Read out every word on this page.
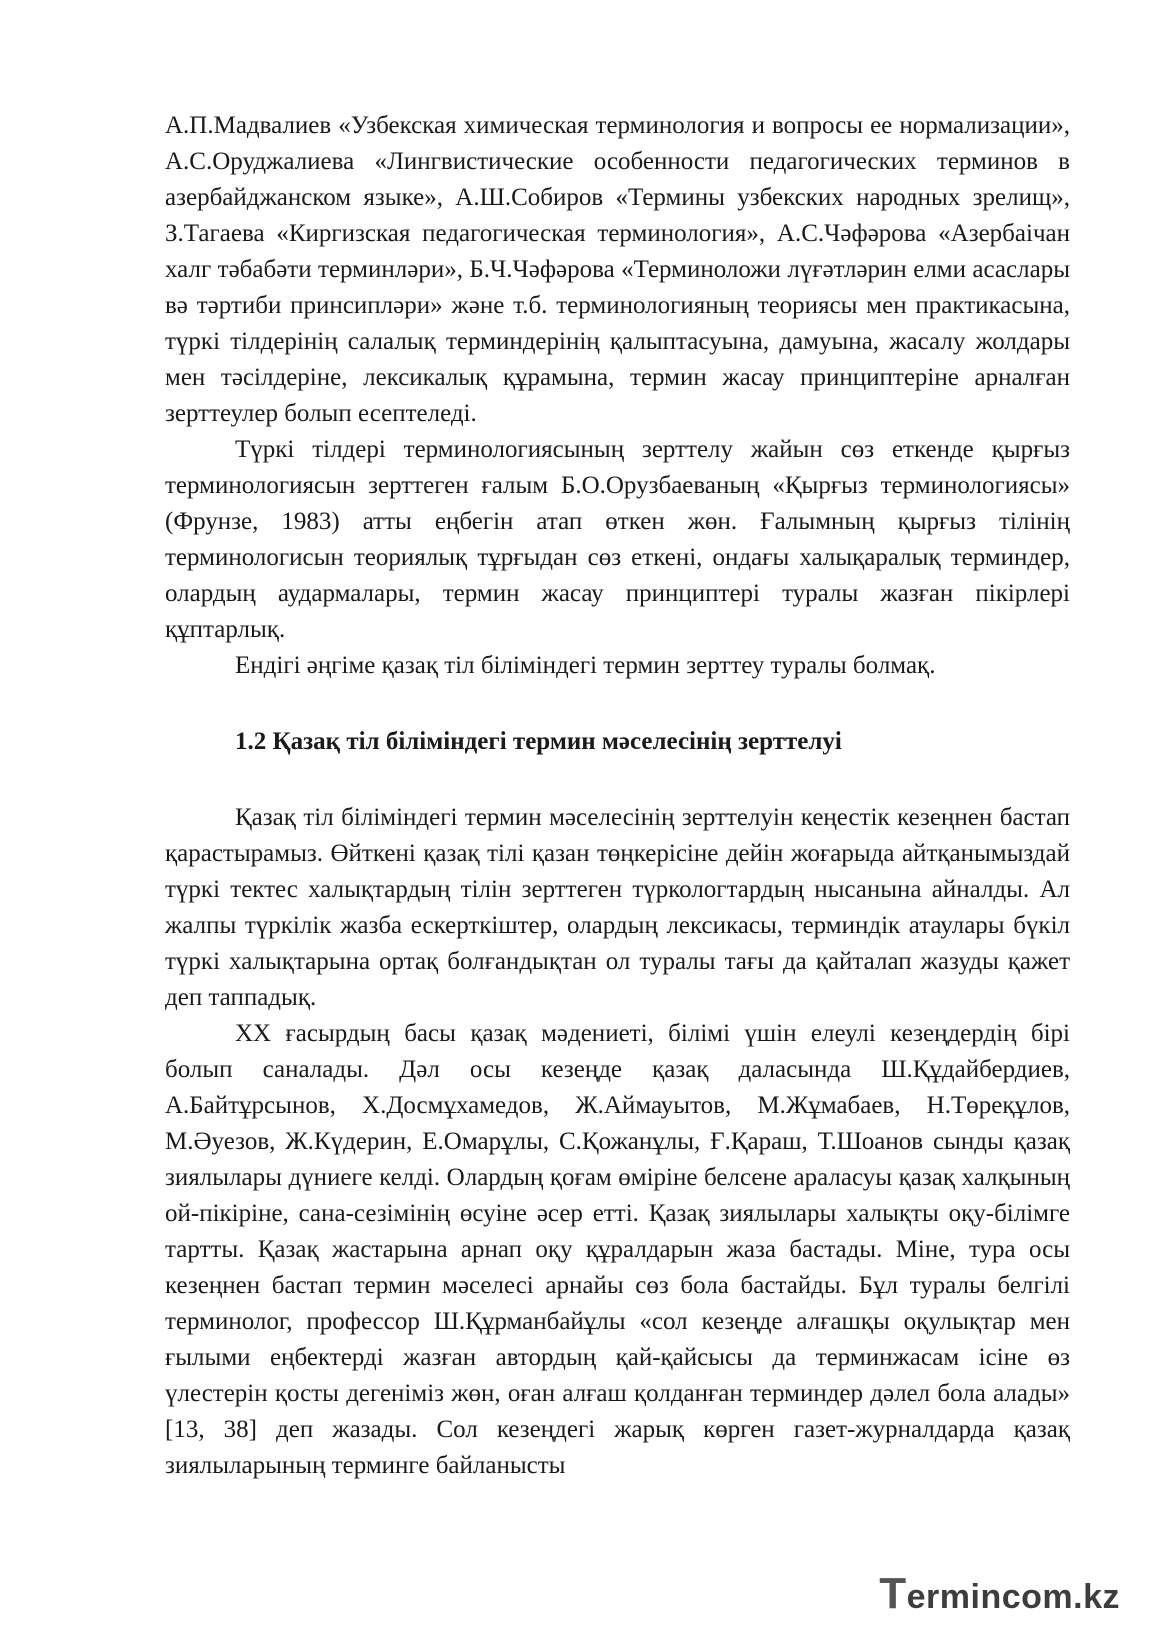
А.П.Мадвалиев «Узбекская химическая терминология и вопросы ее нормализации», А.С.Оруджалиева «Лингвистические особенности педагогических терминов в азербайджанском языке», А.Ш.Собиров «Термины узбекских народных зрелищ», З.Тагаева «Киргизская педагогическая терминология», А.С.Чәфәрова «Азербаічан халг тәбабәти терминләри», Б.Ч.Чәфәрова «Терминоложи лүғәтләрин елми асаслары вә тәртиби принсипләри» және т.б. терминологияның теориясы мен практикасына, түркі тілдерінің салалық терминдерінің қалыптасуына, дамуына, жасалу жолдары мен тәсілдеріне, лексикалық құрамына, термин жасау принциптеріне арналған зерттеулер болып есептеледі.

Түркі тілдері терминологиясының зерттелу жайын сөз еткенде қырғыз терминологиясын зерттеген ғалым Б.О.Орузбаеваның «Қырғыз терминологиясы» (Фрунзе, 1983) атты еңбегін атап өткен жөн. Ғалымның қырғыз тілінің терминологисын теориялық тұрғыдан сөз еткені, ондағы халықаралық терминдер, олардың аудармалары, термин жасау принциптері туралы жазған пікірлері құптарлық.

Ендігі әңгіме қазақ тіл біліміндегі термин зерттеу туралы болмақ.

1.2 Қазақ тіл біліміндегі термин мәселесінің зерттелуі

Қазақ тіл біліміндегі термин мәселесінің зерттелуін кеңестік кезеңнен бастап қарастырамыз. Өйткені қазақ тілі қазан төңкерісіне дейін жоғарыда айтқанымыздай түркі тектес халықтардың тілін зерттеген түркологтардың нысанына айналды. Ал жалпы түркілік жазба ескерткіштер, олардың лексикасы, терминдік атаулары бүкіл түркі халықтарына ортақ болғандықтан ол туралы тағы да қайталап жазуды қажет деп таппадық.

ХХ ғасырдың басы қазақ мәдениеті, білімі үшін елеулі кезеңдердің бірі болып саналады. Дәл осы кезеңде қазақ даласында Ш.Құдайбердиев, А.Байтұрсынов, Х.Досмұхамедов, Ж.Аймауытов, М.Жұмабаев, Н.Төреқұлов, М.Әуезов, Ж.Күдерин, Е.Омарұлы, С.Қожанұлы, Ғ.Қараш, Т.Шоанов сынды қазақ зиялылары дүниеге келді. Олардың қоғам өміріне белсене араласуы қазақ халқының ой-пікіріне, сана-сезімінің өсуіне әсер етті. Қазақ зиялылары халықты оқу-білімге тартты. Қазақ жастарына арнап оқу құралдарын жаза бастады. Міне, тура осы кезеңнен бастап термин мәселесі арнайы сөз бола бастайды. Бұл туралы белгілі терминолог, профессор Ш.Құрманбайұлы «сол кезеңде алғашқы оқулықтар мен ғылыми еңбектерді жазған автордың қай-қайсысы да терминжасам ісіне өз үлестерін қосты дегеніміз жөн, оған алғаш қолданған терминдер дәлел бола алады» [13, 38] деп жазады. Сол кезеңдегі жарық көрген газет-журналдарда қазақ зиялыларының терминге байланысты

Termincom.kz
